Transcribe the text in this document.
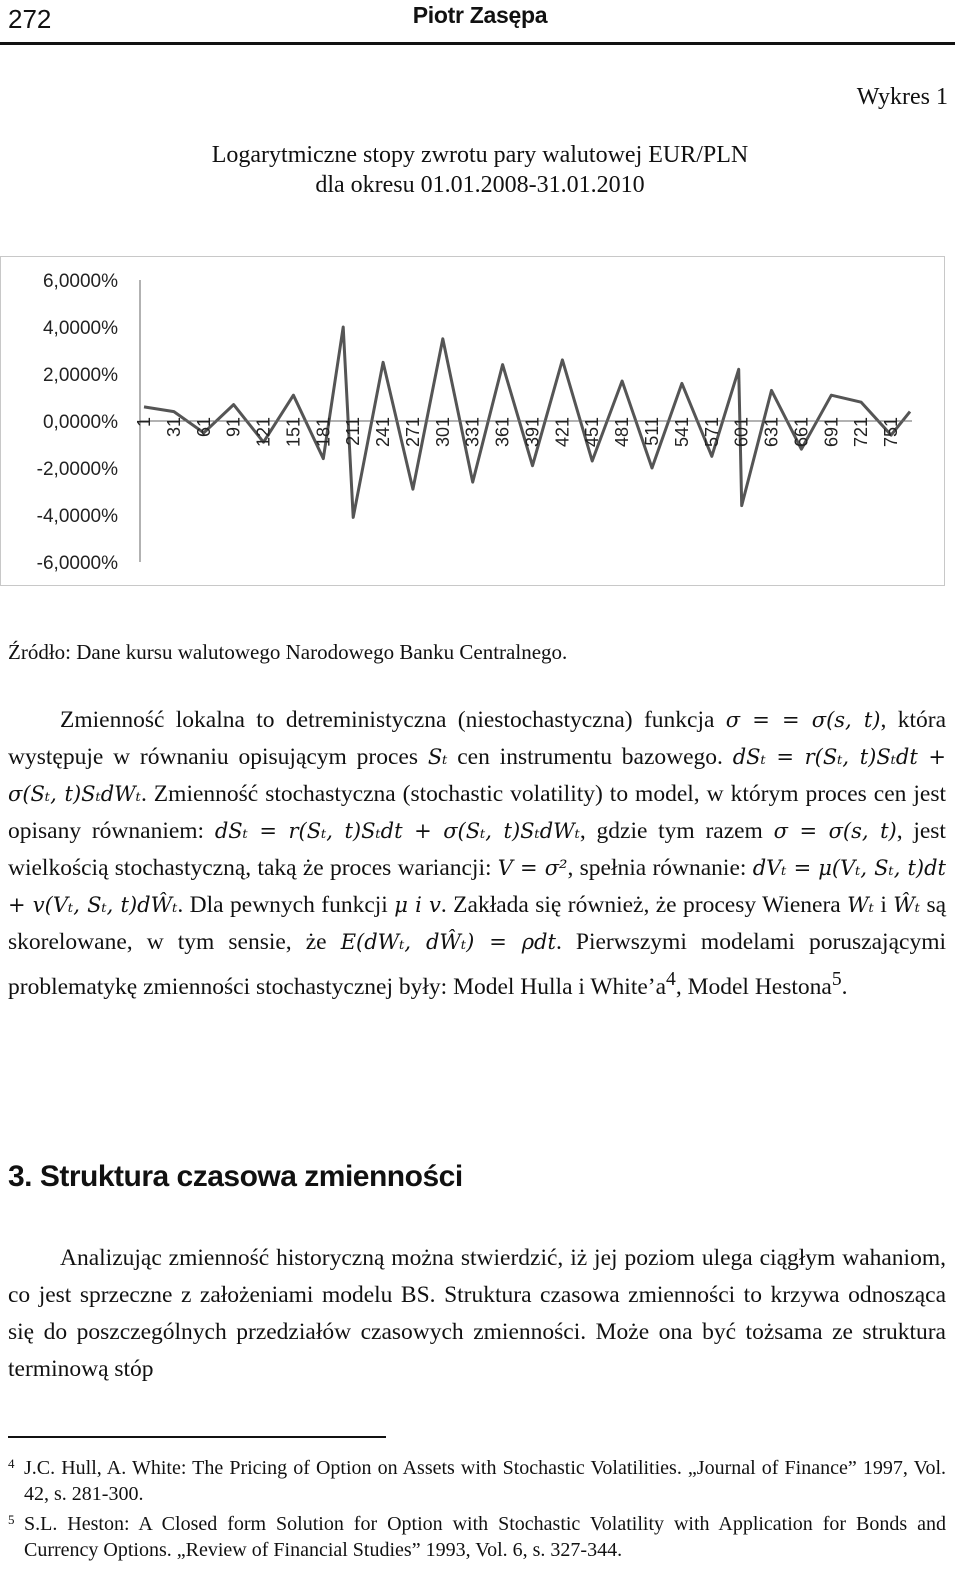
272	Piotr Zasępa
Wykres 1
Logarytmiczne stopy zwrotu pary walutowej EUR/PLN
dla okresu 01.01.2008-31.01.2010
6,0000%
4,0000%
2,0000%
0,0000%
-2,0000%
-4,0000%
-6,0000%
1 31 61 91 121 151 181 211 241 271 301 331 361 391 421 451 481 511 541 571 601 631 661 691 721 751
Źródło: Dane kursu walutowego Narodowego Banku Centralnego.

Zmienność lokalna to detreministyczna (niestochastyczna) funkcja σ = = σ(s, t), która występuje w równaniu opisującym proces Sₜ cen instrumentu bazowego. dSₜ = r(Sₜ, t)Sₜdt + σ(Sₜ, t)SₜdWₜ. Zmienność stochastyczna (stochastic volatility) to model, w którym proces cen jest opisany równaniem: dSₜ = r(Sₜ, t)Sₜdt + σ(Sₜ, t)SₜdWₜ, gdzie tym razem σ = σ(s, t), jest wielkością stochastyczną, taką że proces wariancji: V = σ², spełnia równanie: dVₜ = μ(Vₜ, Sₜ, t)dt + v(Vₜ, Sₜ, t)dŴₜ. Dla pewnych funkcji μ i v. Zakłada się również, że procesy Wienera Wₜ i Ŵₜ są skorelowane, w tym sensie, że E(dWₜ, dŴₜ) = ρdt. Pierwszymi modelami poruszającymi problematykę zmienności stochastycznej były: Model Hulla i $White’a^4$, Model Hestona$^5$.

3. Struktura czasowa zmienności

Analizując zmienność historyczną można stwierdzić, iż jej poziom ulega ciągłym wahaniom, co jest sprzeczne z założeniami modelu BS. Struktura czasowa zmienności to krzywa odnosząca się do poszczególnych przedziałów czasowych zmienności. Może ona być tożsama ze struktura terminową stóp

4 J.C. Hull, A. White: The Pricing of Option on Assets with Stochastic Volatilities. „Journal of Finance” 1997, Vol. 42, s. 281-300.
5 S.L. Heston: A Closed form Solution for Option with Stochastic Volatility with Application for Bonds and Currency Options. „Review of Financial Studies” 1993, Vol. 6, s. 327-344.
